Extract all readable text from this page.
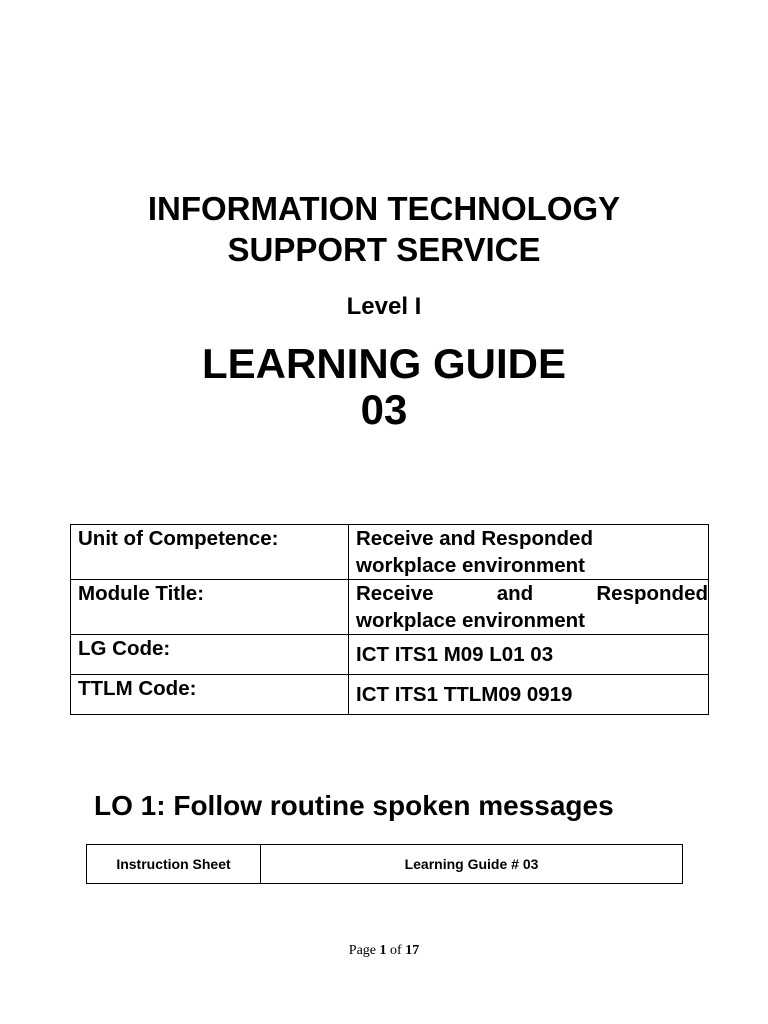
INFORMATION TECHNOLOGY
SUPPORT SERVICE
Level I
LEARNING GUIDE
03
Unit of Competence:	Receive and Responded
workplace environment

Module Title:	Receive and Responded
workplace environment

LG Code:	ICT ITS1 M09 L01 03
TTLM Code:	ICT ITS1 TTLM09 0919
LO 1: Follow routine spoken messages
Instruction Sheet	Learning Guide # 03
Page 1 of 17
